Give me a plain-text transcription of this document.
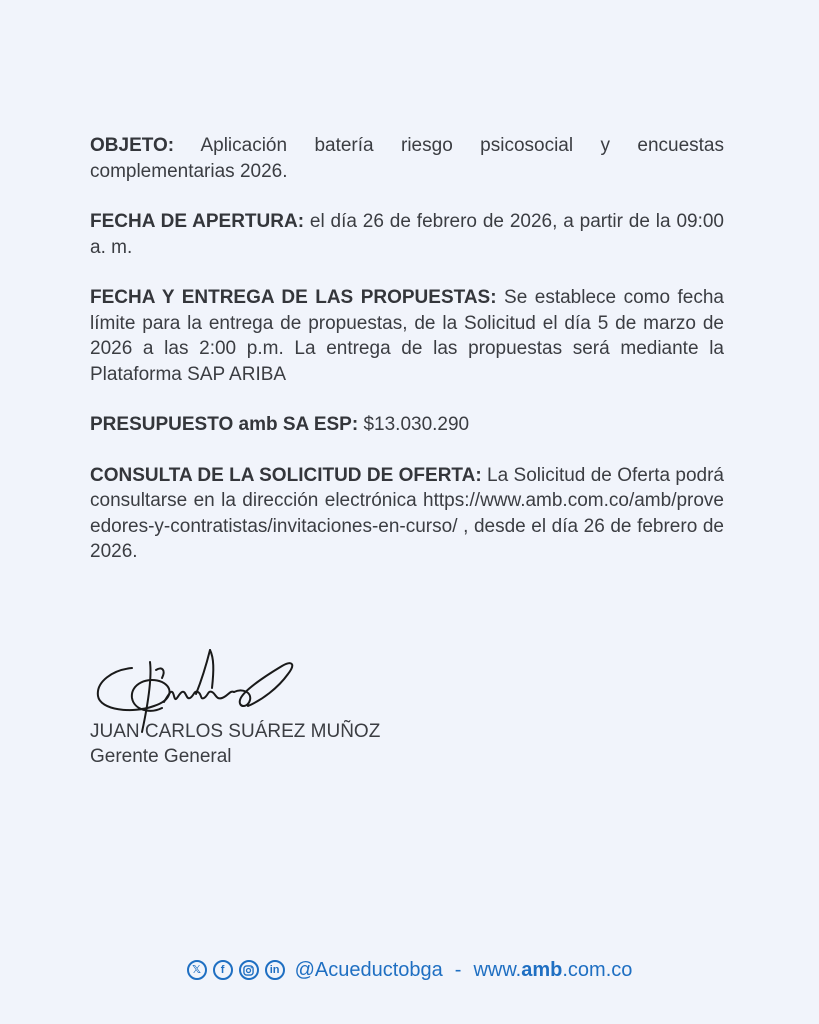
OBJETO: Aplicación batería riesgo psicosocial y encuestas complementarias 2026.

FECHA DE APERTURA: el día 26 de febrero de 2026, a partir de la 09:00 a. m.

FECHA Y ENTREGA DE LAS PROPUESTAS: Se establece como fecha límite para la entrega de propuestas, de la Solicitud el día 5 de marzo de 2026 a las 2:00 p.m. La entrega de las propuestas será mediante la Plataforma SAP ARIBA

PRESUPUESTO amb SA ESP: $13.030.290

CONSULTA DE LA SOLICITUD DE OFERTA: La Solicitud de Oferta podrá consultarse en la dirección electrónica https://www.amb.com.co/amb/proveedores-y-contratistas/invitaciones-en-curso/ , desde el día 26 de febrero de 2026.

JUAN CARLOS SUÁREZ MUÑOZ
Gerente General
𝕏	f	in @Acueductobga - www.amb.com.co
